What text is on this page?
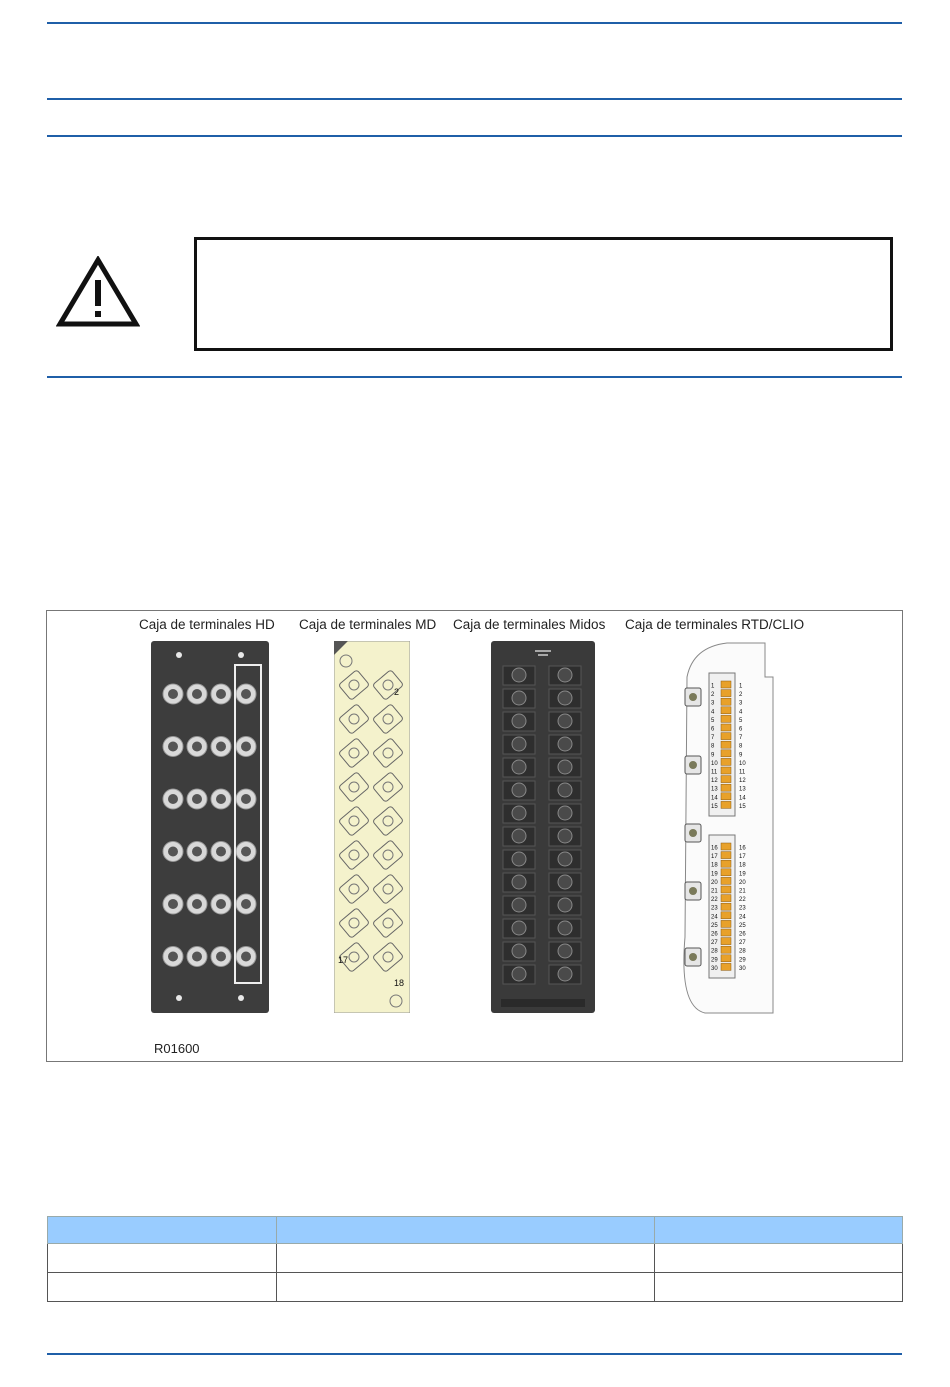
Caja de terminales HD Caja de terminales MD Caja de terminales Midos Caja de terminales RTD/CLIO
2
17
18
1	1
2	2
3	3
4	4
5	5
6	6
7	7
8	8
9	9
10	10
11	11
12	12
13	13
14	14
15	15
16	16
17	17
18	18
19	19
20	20
21	21
22	22
23	23
24	24
25	25
26	26
27	27
28	28
29	29
30	30
R01600
